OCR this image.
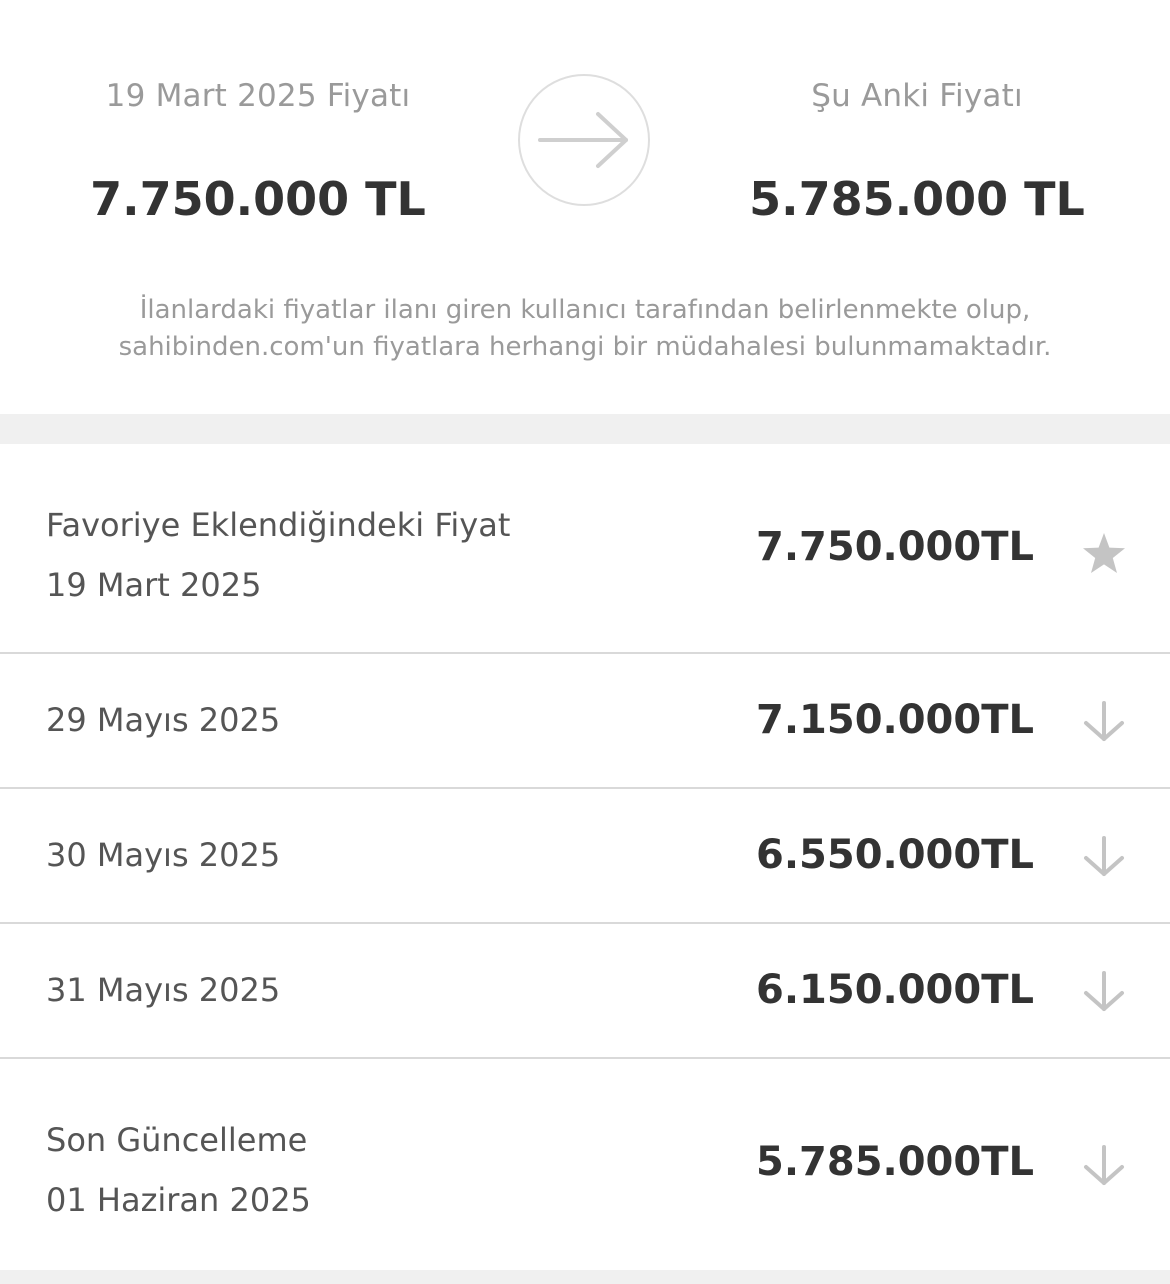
19 Mart 2025 Fiyatı
7.750.000 TL
Şu Anki Fiyatı
5.785.000 TL
İlanlardaki fiyatlar ilanı giren kullanıcı tarafından belirlenmekte olup,
sahibinden.com'un fiyatlara herhangi bir müdahalesi bulunmamaktadır.
Favoriye Eklendiğindeki Fiyat
19 Mart 2025
7.750.000TL
29 Mayıs 2025	7.150.000TL
30 Mayıs 2025	6.550.000TL
31 Mayıs 2025	6.150.000TL
Son Güncelleme
01 Haziran 2025
5.785.000TL
